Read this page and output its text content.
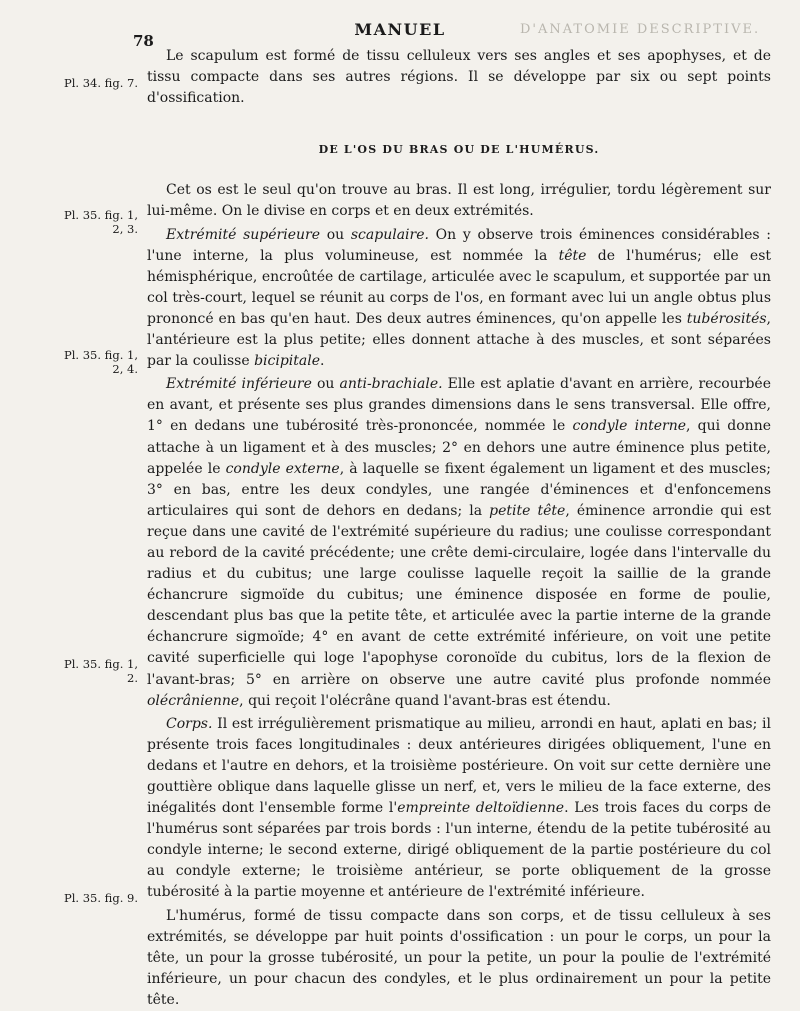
78
MANUEL	D'ANATOMIE DESCRIPTIVE.
Pl. 34. fig. 7.
Pl. 35. fig. 1,
2, 3.
Pl. 35. fig. 1,
2, 4.
Pl. 35. fig. 1,
2.
Pl. 35. fig. 9.

Le scapulum est formé de tissu celluleux vers ses angles et ses apophyses, et de tissu compacte dans ses autres régions. Il se développe par six ou sept points d'ossification.

DE L'OS DU BRAS OU DE L'HUMÉRUS.

Cet os est le seul qu'on trouve au bras. Il est long, irrégulier, tordu légèrement sur lui-même. On le divise en corps et en deux extrémités.

Extrémité supérieure ou scapulaire. On y observe trois éminences considérables : l'une interne, la plus volumineuse, est nommée la tête de l'humérus; elle est hémisphérique, encroûtée de cartilage, articulée avec le scapulum, et supportée par un col très-court, lequel se réunit au corps de l'os, en formant avec lui un angle obtus plus prononcé en bas qu'en haut. Des deux autres éminences, qu'on appelle les tubérosités, l'antérieure est la plus petite; elles donnent attache à des muscles, et sont séparées par la coulisse bicipitale.

Extrémité inférieure ou anti-brachiale. Elle est aplatie d'avant en arrière, recourbée en avant, et présente ses plus grandes dimensions dans le sens transversal. Elle offre, 1° en dedans une tubérosité très-prononcée, nommée le condyle interne, qui donne attache à un ligament et à des muscles; 2° en dehors une autre éminence plus petite, appelée le condyle externe, à laquelle se fixent également un ligament et des muscles; 3° en bas, entre les deux condyles, une rangée d'éminences et d'enfoncemens articulaires qui sont de dehors en dedans; la petite tête, éminence arrondie qui est reçue dans une cavité de l'extrémité supérieure du radius; une coulisse correspondant au rebord de la cavité précédente; une crête demi-circulaire, logée dans l'intervalle du radius et du cubitus; une large coulisse laquelle reçoit la saillie de la grande échancrure sigmoïde du cubitus; une éminence disposée en forme de poulie, descendant plus bas que la petite tête, et articulée avec la partie interne de la grande échancrure sigmoïde; 4° en avant de cette extrémité inférieure, on voit une petite cavité superficielle qui loge l'apophyse coronoïde du cubitus, lors de la flexion de l'avant-bras; 5° en arrière on observe une autre cavité plus profonde nommée olécrânienne, qui reçoit l'olécrâne quand l'avant-bras est étendu.

Corps. Il est irrégulièrement prismatique au milieu, arrondi en haut, aplati en bas; il présente trois faces longitudinales : deux antérieures dirigées obliquement, l'une en dedans et l'autre en dehors, et la troisième postérieure. On voit sur cette dernière une gouttière oblique dans laquelle glisse un nerf, et, vers le milieu de la face externe, des inégalités dont l'ensemble forme l'empreinte deltoïdienne. Les trois faces du corps de l'humérus sont séparées par trois bords : l'un interne, étendu de la petite tubérosité au condyle interne; le second externe, dirigé obliquement de la partie postérieure du col au condyle externe; le troisième antérieur, se porte obliquement de la grosse tubérosité à la partie moyenne et antérieure de l'extrémité inférieure.

L'humérus, formé de tissu compacte dans son corps, et de tissu celluleux à ses extrémités, se développe par huit points d'ossification : un pour le corps, un pour la tête, un pour la grosse tubérosité, un pour la petite, un pour la poulie de l'extrémité inférieure, un pour chacun des condyles, et le plus ordinairement un pour la petite tête.
